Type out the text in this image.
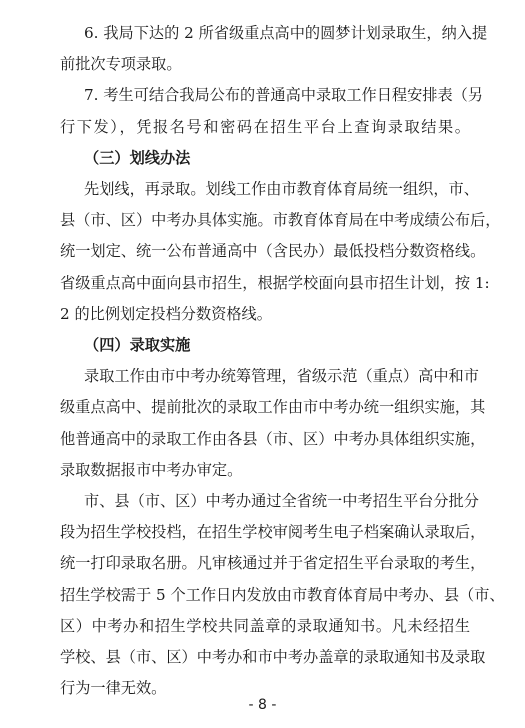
6. 我局下达的 2 所省级重点高中的圆梦计划录取生，纳入提
前批次专项录取。
7. 考生可结合我局公布的普通高中录取工作日程安排表（另
行下发），凭报名号和密码在招生平台上查询录取结果。
（三）划线办法
先划线，再录取。划线工作由市教育体育局统一组织，市、
县（市、区）中考办具体实施。市教育体育局在中考成绩公布后，
统一划定、统一公布普通高中（含民办）最低投档分数资格线。
省级重点高中面向县市招生，根据学校面向县市招生计划，按 1:
2 的比例划定投档分数资格线。
（四）录取实施
录取工作由市中考办统筹管理，省级示范（重点）高中和市
级重点高中、提前批次的录取工作由市中考办统一组织实施，其
他普通高中的录取工作由各县（市、区）中考办具体组织实施，
录取数据报市中考办审定。
市、县（市、区）中考办通过全省统一中考招生平台分批分
段为招生学校投档，在招生学校审阅考生电子档案确认录取后，
统一打印录取名册。凡审核通过并于省定招生平台录取的考生，
招生学校需于 5 个工作日内发放由市教育体育局中考办、县（市、
区）中考办和招生学校共同盖章的录取通知书。凡未经招生
学校、县（市、区）中考办和市中考办盖章的录取通知书及录取
行为一律无效。
- 8 -
